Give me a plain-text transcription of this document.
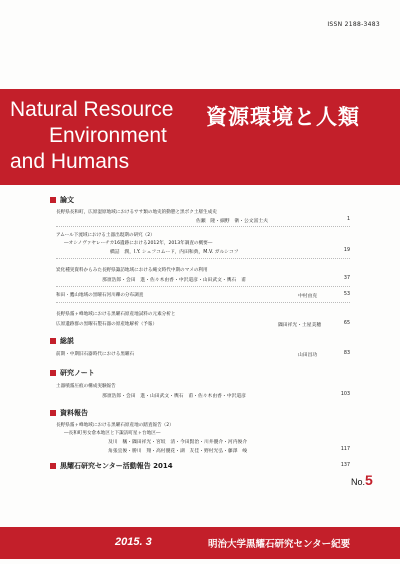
ISSN 2188-3483
Natural Resource
Environment
and Humans
資源環境と人類
論文
長野県長和町，広原湿原地域におけるササ類の地史的動態と黒ボク土層生成史
佐瀬　隆・細野　衛・公文富士夫	1
アムール下流域における土器出現期の研究（2）
―オシノヴァヤレーチカ16遺跡における2012年，2013年調査の概要―
橋詰　潤，I.Y. シェフコムード，内田和典，M.V. ガルシコフ	19
炭化種実資料からみた長野県諏訪地域における縄文時代中期のマメの利用
那須浩郎・会田　進・佐々木由香・中沢道彦・山田武文・輿石　甫	37
和田・鷹山地域の黒曜石河川礫の分布調査	中村由克	53
長野県霧ヶ峰地域における黒曜石原産地試料の元素分析と
広原遺跡群の黒曜石製石器の原産地解析（予報）	隅田祥光・土屋美穂	65
総説
前期・中期旧石器時代における黒曜石	山田昌功	83
研究ノート
土器噴霧圧痕の構成実験報告
那須浩郎・会田　進・山田武文・輿石　甫・佐々木由香・中沢道彦	103
資料報告
長野県霧ヶ峰地域における黒曜石原産地の踏査報告（2）
―長和町男女倉本地区と下諏訪町星ヶ台地区―
及川　穣・隅田祥光・宮坂　清・今田賢治・川井優介・河内俊介
角張宜俊・勝川　翔・高村優花・湖　友佳・野村光弘・藤澤　峻	117
黒耀石研究センター活動報告 2014	137
No.5
2015. 3	明治大学黒耀石研究センター紀要
